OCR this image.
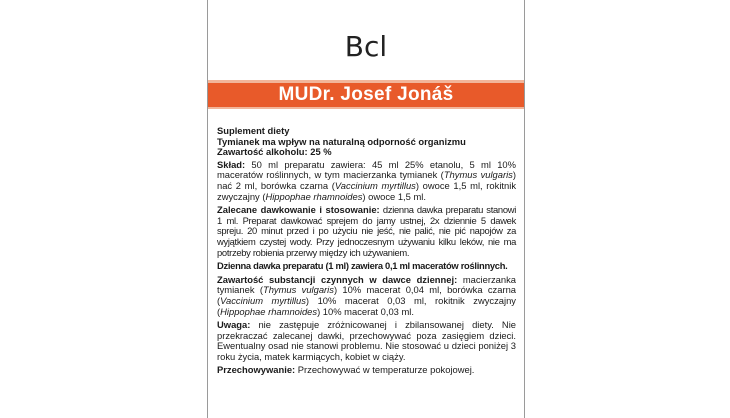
Bcl
MUDr. Josef Jonáš
Suplement diety
Tymianek ma wpływ na naturalną odporność organizmu
Zawartość alkoholu: 25 %

Skład: 50 ml preparatu zawiera: 45 ml 25% etanolu, 5 ml 10% maceratów roślinnych, w tym macierzanka tymianek (Thymus vulgaris) nać 2 ml, borówka czarna (Vaccinium myrtillus) owoce 1,5 ml, rokitnik zwyczajny (Hippophae rhamnoides) owoce 1,5 ml.

Zalecane dawkowanie i stosowanie: dzienna dawka preparatu stanowi 1 ml. Preparat dawkować sprejem do jamy ustnej, 2x dziennie 5 dawek spreju. 20 minut przed i po użyciu nie jeść, nie palić, nie pić napojów za wyjątkiem czystej wody. Przy jednoczesnym używaniu kilku leków, nie ma potrzeby robienia przerwy między ich używaniem.

Dzienna dawka preparatu (1 ml) zawiera 0,1 ml maceratów roślinnych.

Zawartość substancji czynnych w dawce dziennej: macierzanka tymianek (Thymus vulgaris) 10% macerat 0,04 ml, borówka czarna (Vaccinium myrtillus) 10% macerat 0,03 ml, rokitnik zwyczajny (Hippophae rhamnoides) 10% macerat 0,03 ml.

Uwaga: nie zastępuje zróżnicowanej i zbilansowanej diety. Nie przekraczać zalecanej dawki, przechowywać poza zasięgiem dzieci. Ewentualny osad nie stanowi problemu. Nie stosować u dzieci poniżej 3 roku życia, matek karmiących, kobiet w ciąży.

Przechowywanie: Przechowywać w temperaturze pokojowej.
